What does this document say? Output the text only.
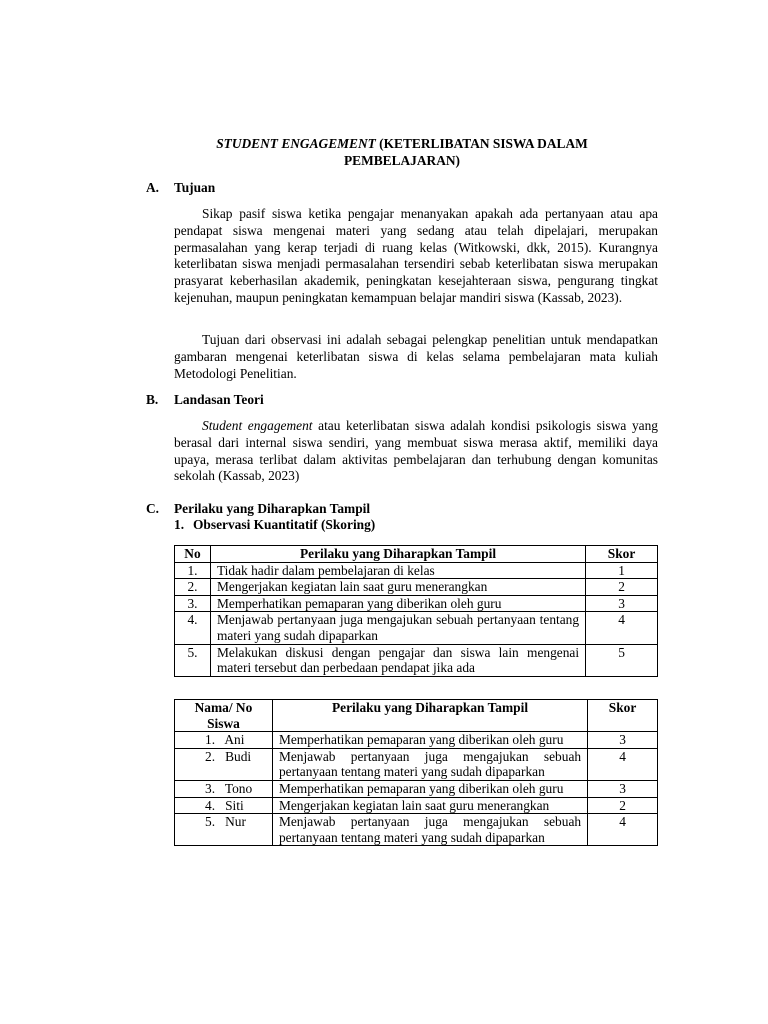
STUDENT ENGAGEMENT (KETERLIBATAN SISWA DALAM PEMBELAJARAN)
A. Tujuan

Sikap pasif siswa ketika pengajar menanyakan apakah ada pertanyaan atau apa pendapat siswa mengenai materi yang sedang atau telah dipelajari, merupakan permasalahan yang kerap terjadi di ruang kelas (Witkowski, dkk, 2015). Kurangnya keterlibatan siswa menjadi permasalahan tersendiri sebab keterlibatan siswa merupakan prasyarat keberhasilan akademik, peningkatan kesejahteraan siswa, pengurang tingkat kejenuhan, maupun peningkatan kemampuan belajar mandiri siswa (Kassab, 2023).

Tujuan dari observasi ini adalah sebagai pelengkap penelitian untuk mendapatkan gambaran mengenai keterlibatan siswa di kelas selama pembelajaran mata kuliah Metodologi Penelitian.

B. Landasan Teori

Student engagement atau keterlibatan siswa adalah kondisi psikologis siswa yang berasal dari internal siswa sendiri, yang membuat siswa merasa aktif, memiliki daya upaya, merasa terlibat dalam aktivitas pembelajaran dan terhubung dengan komunitas sekolah (Kassab, 2023)

C. Perilaku yang Diharapkan Tampil
1. Observasi Kuantitatif (Skoring)
No	Perilaku yang Diharapkan Tampil	Skor
1.	Tidak hadir dalam pembelajaran di kelas	1
2.	Mengerjakan kegiatan lain saat guru menerangkan	2
3.	Memperhatikan pemaparan yang diberikan oleh guru	3
4.	Menjawab pertanyaan juga mengajukan sebuah pertanyaan tentang materi yang sudah dipaparkan	4
5.	Melakukan diskusi dengan pengajar dan siswa lain mengenai materi tersebut dan perbedaan pendapat jika ada	5
Nama/ No Siswa	Perilaku yang Diharapkan Tampil	Skor
1.   Ani	Memperhatikan pemaparan yang diberikan oleh guru	3
2.   Budi	Menjawab pertanyaan juga mengajukan sebuah pertanyaan tentang materi yang sudah dipaparkan	4
3.   Tono	Memperhatikan pemaparan yang diberikan oleh guru	3
4.   Siti	Mengerjakan kegiatan lain saat guru menerangkan	2
5.   Nur	Menjawab pertanyaan juga mengajukan sebuah pertanyaan tentang materi yang sudah dipaparkan	4
